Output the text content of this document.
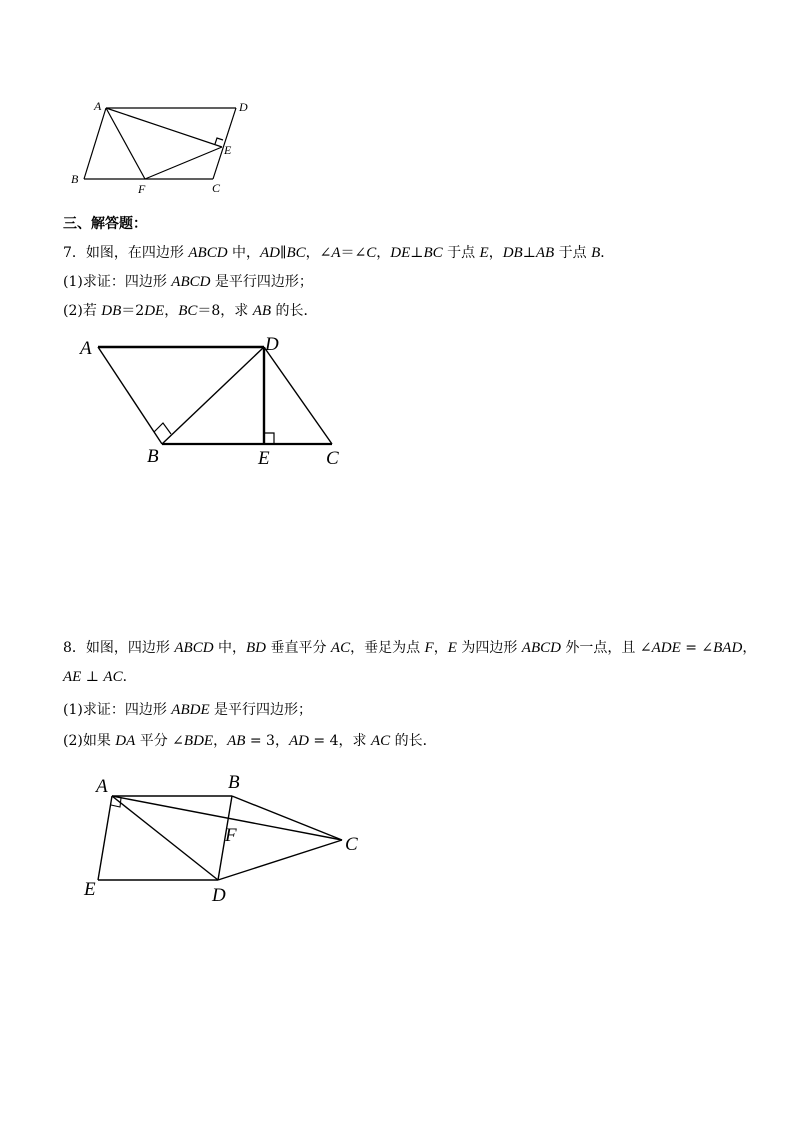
A	D
E
B
F	C
三、解答题：
7．如图，在四边形 ABCD 中，AD∥BC，∠A＝∠C，DE⊥BC 于点 E，DB⊥AB 于点 B．
(1)求证：四边形 ABCD 是平行四边形；
(2)若 DB＝2DE，BC＝8，求 AB 的长．
A	D
B	E	C
8．如图，四边形 ABCD 中，BD 垂直平分 AC，垂足为点 F，E 为四边形 ABCD 外一点，且 ∠ADE = ∠BAD，
AE ⊥ AC．
(1)求证：四边形 ABDE 是平行四边形；
(2)如果 DA 平分 ∠BDE，AB = 3，AD = 4，求 AC 的长．
A	B
F	C
E	D
